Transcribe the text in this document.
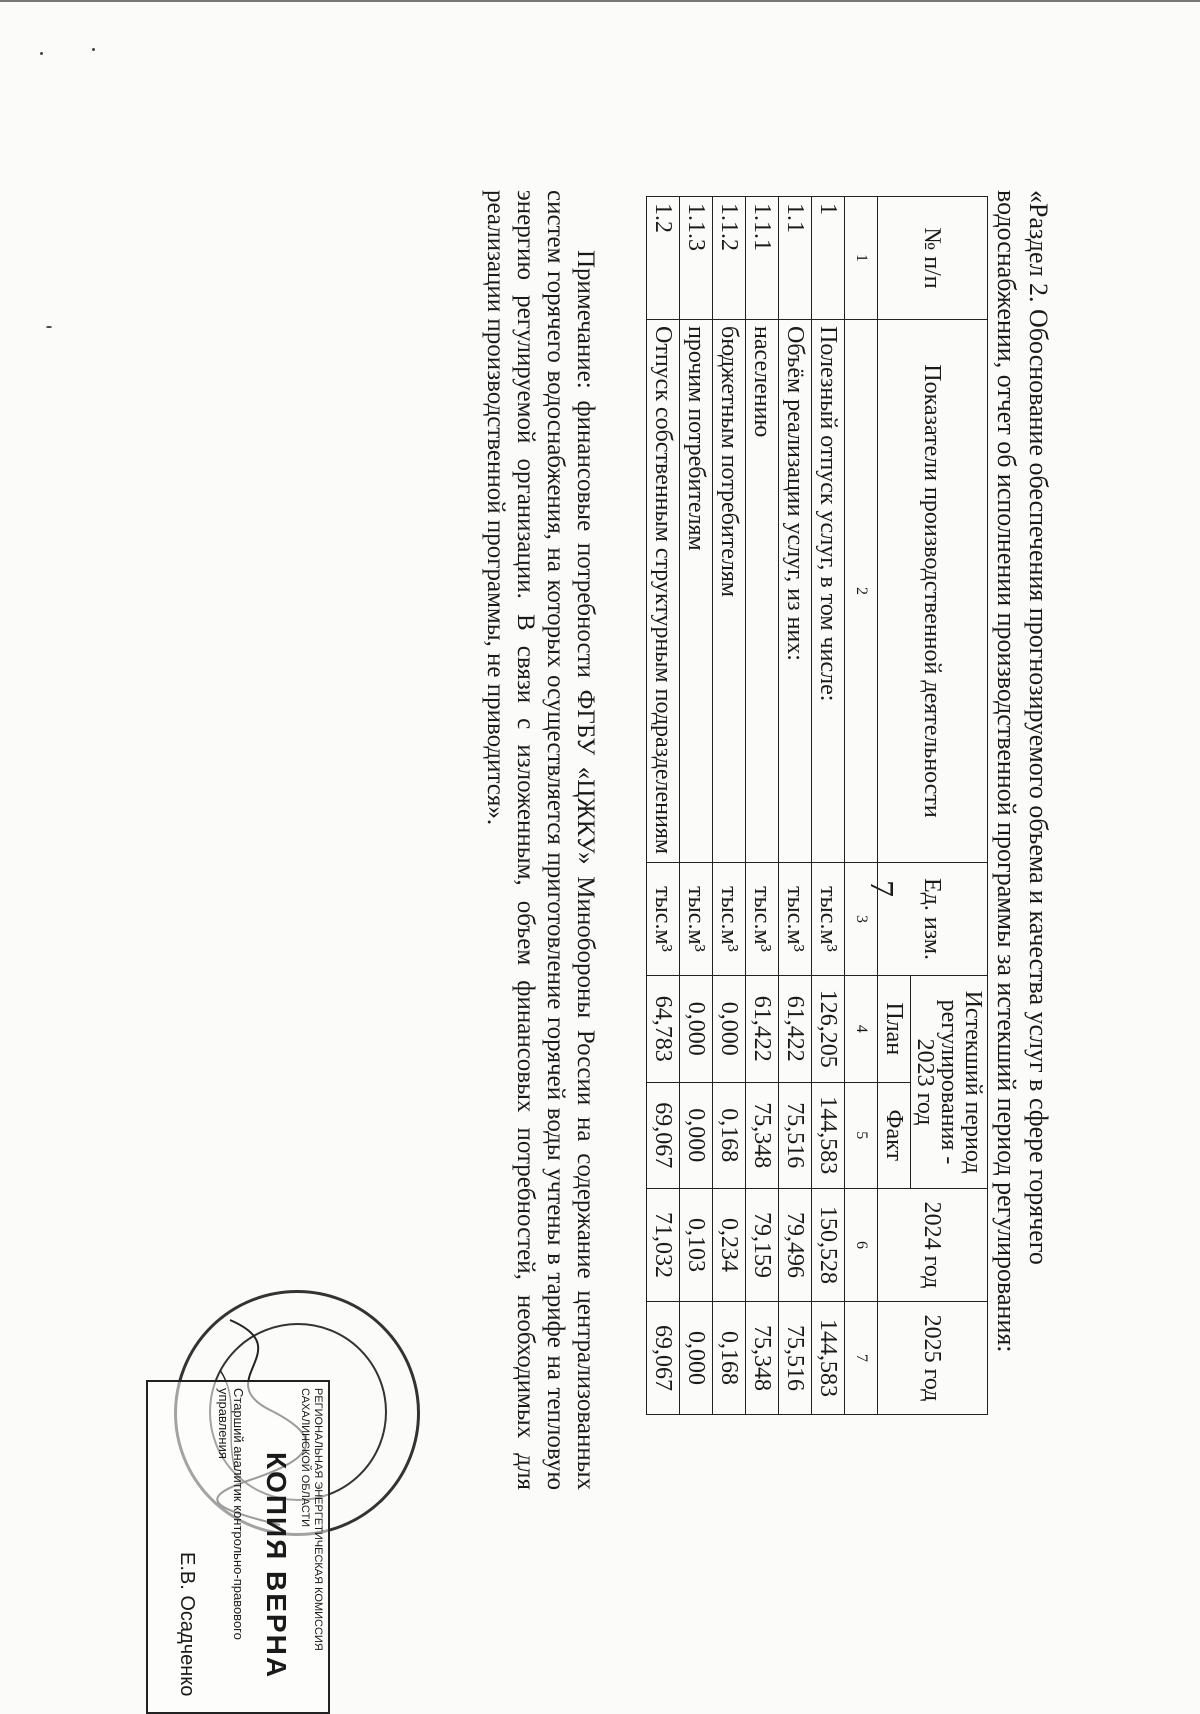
7	«Раздел 2. Обоснование обеспечения прогнозируемого объема и качества услуг в сфере горячего
водоснабжении, отчет об исполнении производственной программы за истекший период регулирования:
№ п/п	Показатели производственной деятельности	Ед. изм.	Истекший период регулирования - 2023 год		2024 год	2025 год
			План	Факт		
1	2	3	4	5	6	7
1	Полезный отпуск услуг, в том числе:	тыс.м³	126,205	144,583	150,528	144,583
1.1	Объём реализации услуг, из них:	тыс.м³	61,422	75,516	79,496	75,516
1.1.1	населению	тыс.м³	61,422	75,348	79,159	75,348
1.1.2	бюджетным потребителям	тыс.м³	0,000	0,168	0,234	0,168
1.1.3	прочим потребителям	тыс.м³	0,000	0,000	0,103	0,000
1.2	Отпуск собственным структурным подразделениям	тыс.м³	64,783	69,067	71,032	69,067
Примечание: финансовые потребности ФГБУ «ЦЖКУ» Минобороны России на содержание централизованных систем горячего водоснабжения, на которых осуществляется приготовление горячей воды учтены в тарифе на тепловую энергию регулируемой организации. В связи с изложенным, объем финансовых потребностей, необходимых для реализации производственной программы, не приводится».
РЕГИОНАЛЬНАЯ ЭНЕРГЕТИЧЕСКАЯ КОМИССИЯ САХАЛИНСКОЙ ОБЛАСТИ
КОПИЯ ВЕРНА
Старший аналитик контрольно-правового управления
Е.В. Осадченко
